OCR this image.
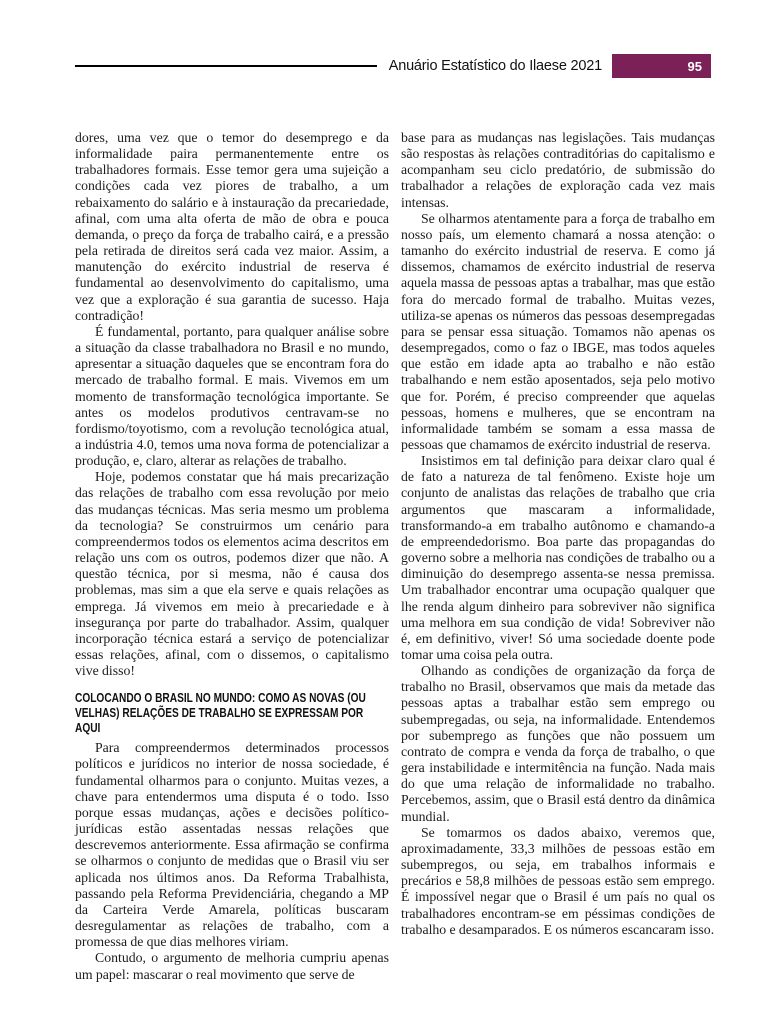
Anuário Estatístico do Ilaese 2021	95

dores, uma vez que o temor do desemprego e da informalidade paira permanentemente entre os trabalhadores formais. Esse temor gera uma sujeição a condições cada vez piores de trabalho, a um rebaixamento do salário e à instauração da precariedade, afinal, com uma alta oferta de mão de obra e pouca demanda, o preço da força de trabalho cairá, e a pressão pela retirada de direitos será cada vez maior. Assim, a manutenção do exército industrial de reserva é fundamental ao desenvolvimento do capitalismo, uma vez que a exploração é sua garantia de sucesso. Haja contradição!

É fundamental, portanto, para qualquer análise sobre a situação da classe trabalhadora no Brasil e no mundo, apresentar a situação daqueles que se encontram fora do mercado de trabalho formal. E mais. Vivemos em um momento de transformação tecnológica importante. Se antes os modelos produtivos centravam-se no fordismo/toyotismo, com a revolução tecnológica atual, a indústria 4.0, temos uma nova forma de potencializar a produção, e, claro, alterar as relações de trabalho.

Hoje, podemos constatar que há mais precarização das relações de trabalho com essa revolução por meio das mudanças técnicas. Mas seria mesmo um problema da tecnologia? Se construirmos um cenário para compreendermos todos os elementos acima descritos em relação uns com os outros, podemos dizer que não. A questão técnica, por si mesma, não é causa dos problemas, mas sim a que ela serve e quais relações as emprega. Já vivemos em meio à precariedade e à insegurança por parte do trabalhador. Assim, qualquer incorporação técnica estará a serviço de potencializar essas relações, afinal, com o dissemos, o capitalismo vive disso!

COLOCANDO O BRASIL NO MUNDO: COMO AS NOVAS (OU VELHAS) RELAÇÕES DE TRABALHO SE EXPRESSAM POR AQUI

Para compreendermos determinados processos políticos e jurídicos no interior de nossa sociedade, é fundamental olharmos para o conjunto. Muitas vezes, a chave para entendermos uma disputa é o todo. Isso porque essas mudanças, ações e decisões político-jurídicas estão assentadas nessas relações que descrevemos anteriormente. Essa afirmação se confirma se olharmos o conjunto de medidas que o Brasil viu ser aplicada nos últimos anos. Da Reforma Trabalhista, passando pela Reforma Previdenciária, chegando a MP da Carteira Verde Amarela, políticas buscaram desregulamentar as relações de trabalho, com a promessa de que dias melhores viriam.

Contudo, o argumento de melhoria cumpriu apenas um papel: mascarar o real movimento que serve de

base para as mudanças nas legislações. Tais mudanças são respostas às relações contraditórias do capitalismo e acompanham seu ciclo predatório, de submissão do trabalhador a relações de exploração cada vez mais intensas.

Se olharmos atentamente para a força de trabalho em nosso país, um elemento chamará a nossa atenção: o tamanho do exército industrial de reserva. E como já dissemos, chamamos de exército industrial de reserva aquela massa de pessoas aptas a trabalhar, mas que estão fora do mercado formal de trabalho. Muitas vezes, utiliza-se apenas os números das pessoas desempregadas para se pensar essa situação. Tomamos não apenas os desempregados, como o faz o IBGE, mas todos aqueles que estão em idade apta ao trabalho e não estão trabalhando e nem estão aposentados, seja pelo motivo que for. Porém, é preciso compreender que aquelas pessoas, homens e mulheres, que se encontram na informalidade também se somam a essa massa de pessoas que chamamos de exército industrial de reserva.

Insistimos em tal definição para deixar claro qual é de fato a natureza de tal fenômeno. Existe hoje um conjunto de analistas das relações de trabalho que cria argumentos que mascaram a informalidade, transformando-a em trabalho autônomo e chamando-a de empreendedorismo. Boa parte das propagandas do governo sobre a melhoria nas condições de trabalho ou a diminuição do desemprego assenta-se nessa premissa. Um trabalhador encontrar uma ocupação qualquer que lhe renda algum dinheiro para sobreviver não significa uma melhora em sua condição de vida! Sobreviver não é, em definitivo, viver! Só uma sociedade doente pode tomar uma coisa pela outra.

Olhando as condições de organização da força de trabalho no Brasil, observamos que mais da metade das pessoas aptas a trabalhar estão sem emprego ou subempregadas, ou seja, na informalidade. Entendemos por subemprego as funções que não possuem um contrato de compra e venda da força de trabalho, o que gera instabilidade e intermitência na função. Nada mais do que uma relação de informalidade no trabalho. Percebemos, assim, que o Brasil está dentro da dinâmica mundial.

Se tomarmos os dados abaixo, veremos que, aproximadamente, 33,3 milhões de pessoas estão em subempregos, ou seja, em trabalhos informais e precários e 58,8 milhões de pessoas estão sem emprego. É impossível negar que o Brasil é um país no qual os trabalhadores encontram-se em péssimas condições de trabalho e desamparados. E os números escancaram isso.
